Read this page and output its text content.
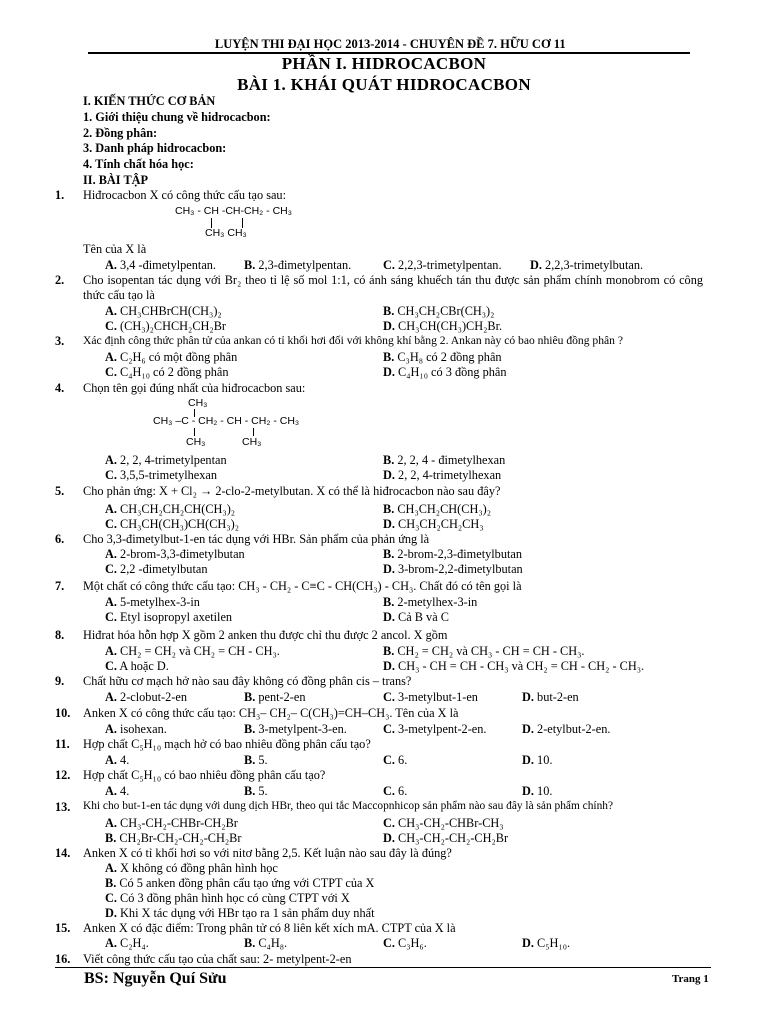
 LUYỆN THI ĐẠI HỌC 2013-2014 - CHUYÊN ĐỀ 7. HỮU CƠ 11
PHẦN I. HIDROCACBON
BÀI 1. KHÁI QUÁT HIDROCACBON
I. KIẾN THỨC CƠ BẢN
1. Giới thiệu chung về hidrocacbon:
2. Đồng phân:
3. Danh pháp hidrocacbon:
4. Tính chất hóa học:
II. BÀI TẬP
1. Hiđrocacbon X có công thức cấu tạo sau:
CH₃ - CH -CH-CH₂ - CH₃
CH₃ CH₃
Tên của X là
A. 3,4 -đimetylpentan. B. 2,3-đimetylpentan.	C. 2,2,3-trimetylpentan. D. 2,2,3-trimetylbutan.
2. Cho isopentan tác dụng với Br₂ theo tỉ lệ số mol 1:1, có ánh sáng khuếch tán thu được sản phẩm chính monobrom có công thức cấu tạo là
A. CH₃CHBrCH(CH₃)₂	B. CH₃CH₂CBr(CH₃)₂
C. (CH₃)₂CHCH₂CH₂Br	D. CH₃CH(CH₃)CH₂Br.
3. Xác định công thức phân tử của ankan có tỉ khối hơi đối với không khí bằng 2. Ankan này có bao nhiêu đồng phân ?
A. C₂H₆ có một đồng phân	B. C₃H₈ có 2 đồng phân
C. C₄H₁₀ có 2 đồng phân	D. C₄H₁₀ có 3 đồng phân
4. Chọn tên gọi đúng nhất của hiđrocacbon sau:
CH₃
CH₃ –C - CH₂ - CH - CH₂ - CH₃
CH₃	CH₃
A. 2, 2, 4-trimetylpentan	B. 2, 2, 4 - đimetylhexan
C. 3,5,5-trimetylhexan	D. 2, 2, 4-trimetylhexan
5. Cho phản ứng: X + Cl₂ → 2-clo-2-metylbutan. X có thể là hiđrocacbon nào sau đây?
A. CH₃CH₂CH₂CH(CH₃)₂	B. CH₃CH₂CH(CH₃)₂
C. CH₃CH(CH₃)CH(CH₃)₂	D. CH₃CH₂CH₂CH₃
6. Cho 3,3-đimetylbut-1-en tác dụng với HBr. Sản phẩm của phản ứng là
A. 2-brom-3,3-đimetylbutan	B. 2-brom-2,3-đimetylbutan
C. 2,2 -đimetylbutan	D. 3-brom-2,2-đimetylbutan
7. Một chất có công thức cấu tạo: CH₃ - CH₂ - C≡C - CH(CH₃) - CH₃. Chất đó có tên gọi là
A. 5-metylhex-3-in	B. 2-metylhex-3-in
C. Etyl isopropyl axetilen	D. Cả B và C
8. Hiđrat hóa hỗn hợp X gồm 2 anken thu được chỉ thu được 2 ancol. X gồm
A. CH₂ = CH₂ và CH₂ = CH - CH₃.	B. CH₂ = CH₂ và CH₃ - CH = CH - CH₃.
C. A hoặc D.	D. CH₃ - CH = CH - CH₃ và CH₂ = CH - CH₂ - CH₃.
9. Chất hữu cơ mạch hở nào sau đây không có đồng phân cis – trans?
A. 2-clobut-2-en	B. pent-2-en	C. 3-metylbut-1-en	D. but-2-en
10. Anken X có công thức cấu tạo: CH₃– CH₂– C(CH₃)=CH–CH₃. Tên của X là
A. isohexan.	B. 3-metylpent-3-en.	C. 3-metylpent-2-en.	D. 2-etylbut-2-en.
11. Hợp chất C₅H₁₀ mạch hở có bao nhiêu đồng phân cấu tạo?
A. 4.	B. 5.	C. 6.	D. 10.
12. Hợp chất C₅H₁₀ có bao nhiêu đồng phân cấu tạo?
A. 4.	B. 5.	C. 6.	D. 10.
13. Khi cho but-1-en tác dụng với dung dịch HBr, theo qui tắc Maccopnhicop sản phẩm nào sau đây là sản phẩm chính?
A. CH₃-CH₂-CHBr-CH₂Br	C. CH₃-CH₂-CHBr-CH₃
B. CH₂Br-CH₂-CH₂-CH₂Br	D. CH₃-CH₂-CH₂-CH₂Br
14. Anken X có tỉ khối hơi so với nitơ bằng 2,5. Kết luận nào sau đây là đúng?
A. X không có đồng phân hình học
B. Có 5 anken đồng phân cấu tạo ứng với CTPT của X
C. Có 3 đồng phân hình học có cùng CTPT với X
D. Khi X tác dụng với HBr tạo ra 1 sản phẩm duy nhất
15. Anken X có đặc điểm: Trong phân tử có 8 liên kết xích mA. CTPT của X là
A. C₂H₄.	B. C₄H₈.	C. C₃H₆.	D. C₅H₁₀.
16. Viết công thức cấu tạo của chất sau: 2- metylpent-2-en
BS: Nguyễn Quí Sửu	Trang 1
